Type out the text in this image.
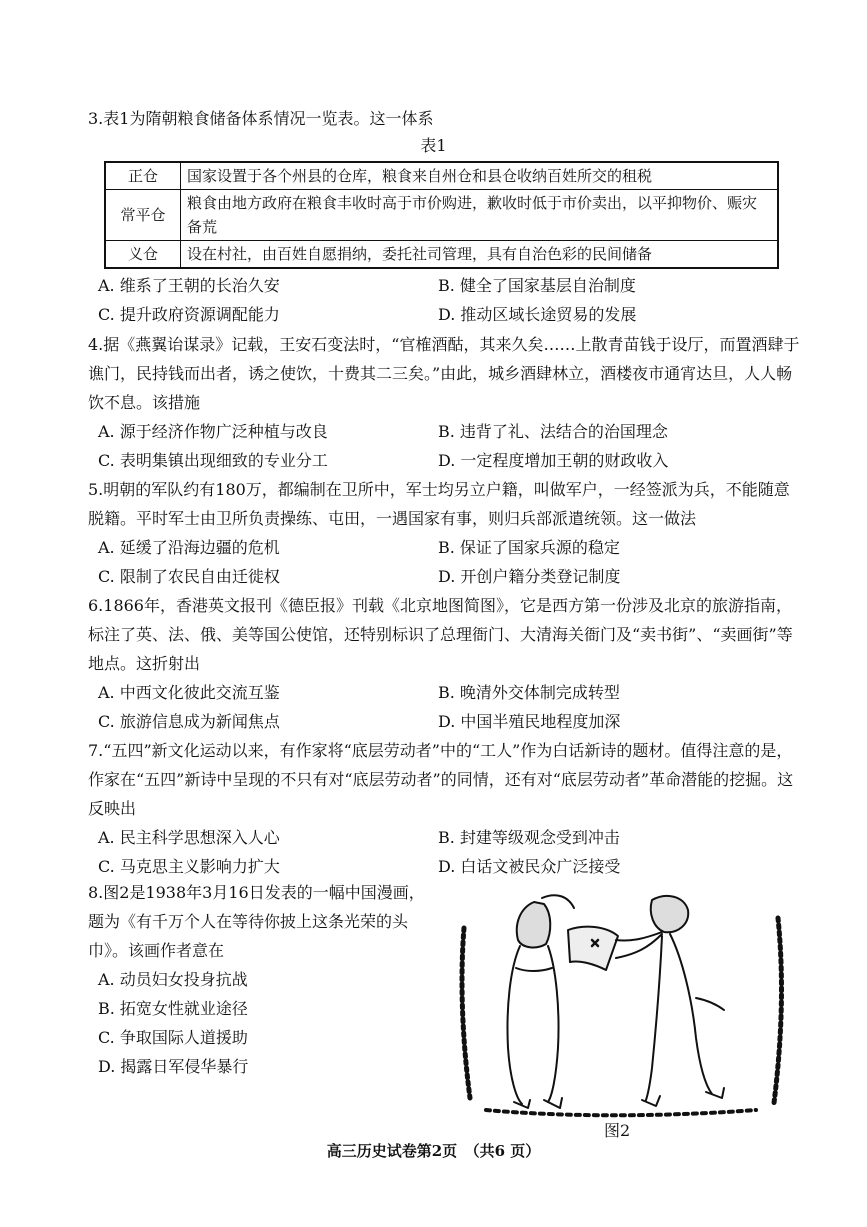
3.表1为隋朝粮食储备体系情况一览表。这一体系

表1
正仓	国家设置于各个州县的仓库，粮食来自州仓和县仓收纳百姓所交的租税
常平仓	粮食由地方政府在粮食丰收时高于市价购进，歉收时低于市价卖出，以平抑物价、赈灾备荒
义仓	设在村社，由百姓自愿捐纳，委托社司管理，具有自治色彩的民间储备
A. 维系了王朝的长治久安	B. 健全了国家基层自治制度
C. 提升政府资源调配能力	D. 推动区域长途贸易的发展

4.据《燕翼诒谋录》记载，王安石变法时，“官榷酒酤，其来久矣……上散青苗钱于设厅，而置酒肆于谯门，民持钱而出者，诱之使饮，十费其二三矣。”由此，城乡酒肆林立，酒楼夜市通宵达旦，人人畅饮不息。该措施

A. 源于经济作物广泛种植与改良	B. 违背了礼、法结合的治国理念
C. 表明集镇出现细致的专业分工	D. 一定程度增加王朝的财政收入

5.明朝的军队约有180万，都编制在卫所中，军士均另立户籍，叫做军户，一经签派为兵，不能随意脱籍。平时军士由卫所负责操练、屯田，一遇国家有事，则归兵部派遣统领。这一做法

A. 延缓了沿海边疆的危机	B. 保证了国家兵源的稳定
C. 限制了农民自由迁徙权	D. 开创户籍分类登记制度

6.1866年，香港英文报刊《德臣报》刊载《北京地图简图》，它是西方第一份涉及北京的旅游指南，标注了英、法、俄、美等国公使馆，还特别标识了总理衙门、大清海关衙门及“卖书街”、“卖画街”等地点。这折射出

A. 中西文化彼此交流互鉴	B. 晚清外交体制完成转型
C. 旅游信息成为新闻焦点	D. 中国半殖民地程度加深

7.“五四”新文化运动以来，有作家将“底层劳动者”中的“工人”作为白话新诗的题材。值得注意的是，作家在“五四”新诗中呈现的不只有对“底层劳动者”的同情，还有对“底层劳动者”革命潜能的挖掘。这反映出

A. 民主科学思想深入人心	B. 封建等级观念受到冲击
C. 马克思主义影响力扩大	D. 白话文被民众广泛接受

8.图2是1938年3月16日发表的一幅中国漫画，题为《有千万个人在等待你披上这条光荣的头巾》。该画作者意在

A. 动员妇女投身抗战
B. 拓宽女性就业途径
C. 争取国际人道援助
D. 揭露日军侵华暴行
图2
高三历史试卷第2页　（共6 页）
